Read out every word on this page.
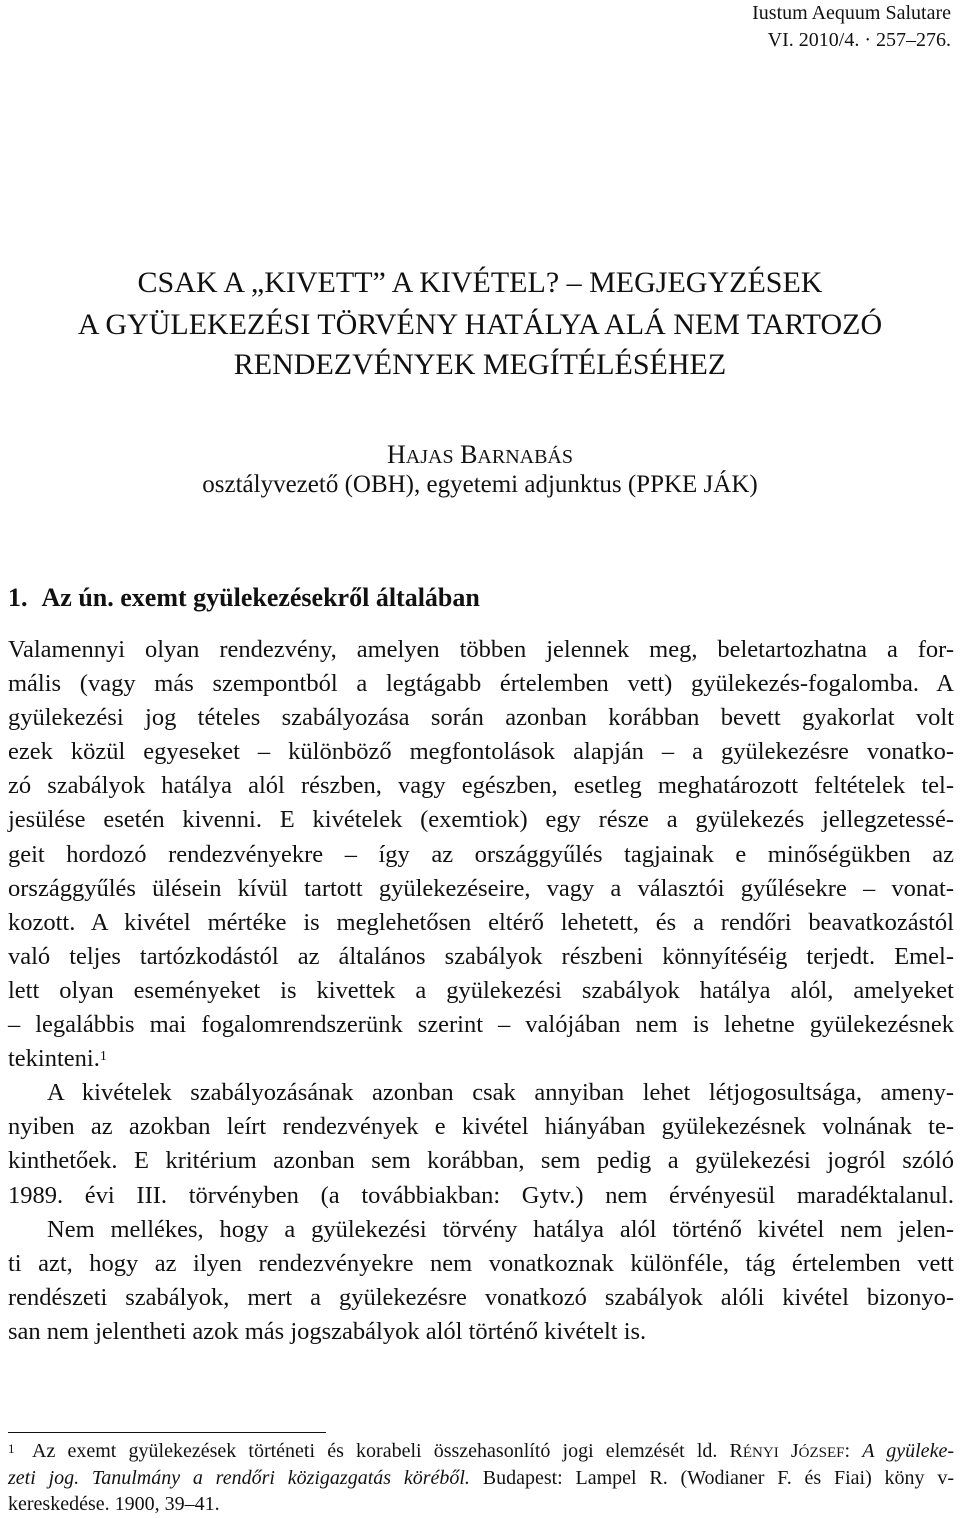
Iustum Aequum Salutare
VI. 2010/4. · 257–276.
CSAK A „KIVETT” A KIVÉTEL? – MEGJEGYZÉSEK
A GYÜLEKEZÉSI TÖRVÉNY HATÁLYA ALÁ NEM TARTOZÓ
RENDEZVÉNYEK MEGÍTÉLÉSÉHEZ
HAJAS BARNABÁS
osztályvezető (OBH), egyetemi adjunktus (PPKE JÁK)
1. Az ún. exemt gyülekezésekről általában
Valamennyi olyan rendezvény, amelyen többen jelennek meg, beletartozhatna a for-
mális (vagy más szempontból a legtágabb értelemben vett) gyülekezés-fogalomba. A
gyülekezési jog tételes szabályozása során azonban korábban bevett gyakorlat volt
ezek közül egyeseket – különböző megfontolások alapján – a gyülekezésre vonatko-
zó szabályok hatálya alól részben, vagy egészben, esetleg meghatározott feltételek tel-
jesülése esetén kivenni. E kivételek (exemtiok) egy része a gyülekezés jellegzetessé-
geit hordozó rendezvényekre – így az országgyűlés tagjainak e minőségükben az
országgyűlés ülésein kívül tartott gyülekezéseire, vagy a választói gyűlésekre – vonat-
kozott. A kivétel mértéke is meglehetősen eltérő lehetett, és a rendőri beavatkozástól
való teljes tartózkodástól az általános szabályok részbeni könnyítéséig terjedt. Emel-
lett olyan eseményeket is kivettek a gyülekezési szabályok hatálya alól, amelyeket
– legalábbis mai fogalomrendszerünk szerint – valójában nem is lehetne gyülekezésnek
tekinteni.$^1$
A kivételek szabályozásának azonban csak annyiban lehet létjogosultsága, ameny-
nyiben az azokban leírt rendezvények e kivétel hiányában gyülekezésnek volnának te-
kinthetőek. E kritérium azonban sem korábban, sem pedig a gyülekezési jogról szóló
1989. évi III. törvényben (a továbbiakban: Gytv.) nem érvényesül maradéktalanul.
Nem mellékes, hogy a gyülekezési törvény hatálya alól történő kivétel nem jelen-
ti azt, hogy az ilyen rendezvényekre nem vonatkoznak különféle, tág értelemben vett
rendészeti szabályok, mert a gyülekezésre vonatkozó szabályok alóli kivétel bizonyo-
san nem jelentheti azok más jogszabályok alól történő kivételt is.
1 Az exemt gyülekezések történeti és korabeli összehasonlító jogi elemzését ld. RÉNYI JÓZSEF: A gyüleke-
zeti jog. Tanulmány a rendőri közigazgatás köréből. Budapest: Lampel R. (Wodianer F. és Fiai) köny v-
kereskedése. 1900, 39–41.
